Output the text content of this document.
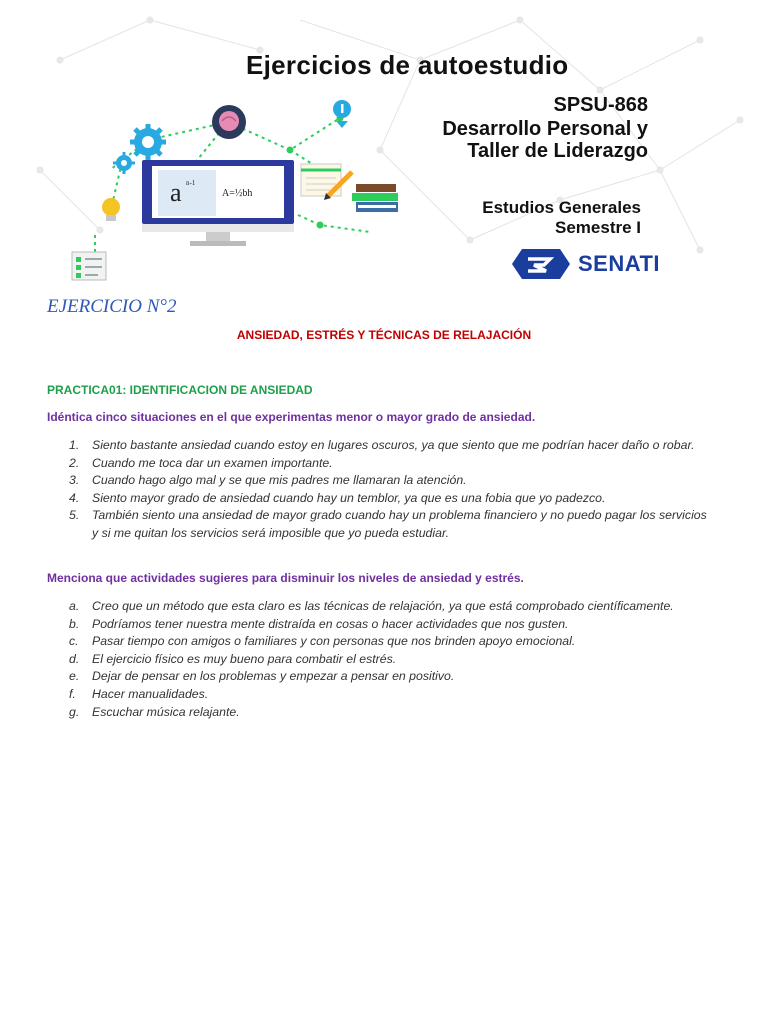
a n-1
A=½bh
Ejercicios de autoestudio
SPSU-868
Desarrollo Personal y
Taller de Liderazgo
Estudios Generales
Semestre I
SENATI
EJERCICIO N°2
ANSIEDAD, ESTRÉS Y TÉCNICAS DE RELAJACIÓN
PRACTICA01: IDENTIFICACION DE ANSIEDAD
Idéntica cinco situaciones en el que experimentas menor o mayor grado de ansiedad.
1. Siento bastante ansiedad cuando estoy en lugares oscuros, ya que siento que me podrían hacer daño o robar.
2. Cuando me toca dar un examen importante.
3. Cuando hago algo mal y se que mis padres me llamaran la atención.
4. Siento mayor grado de ansiedad cuando hay un temblor, ya que es una fobia que yo padezco.
5. También siento una ansiedad de mayor grado cuando hay un problema financiero y no puedo pagar los servicios y si me quitan los servicios será imposible que yo pueda estudiar.
Menciona que actividades sugieres para disminuir los niveles de ansiedad y estrés.
a. Creo que un método que esta claro es las técnicas de relajación, ya que está comprobado científicamente.
b. Podríamos tener nuestra mente distraída en cosas o hacer actividades que nos gusten.
c. Pasar tiempo con amigos o familiares y con personas que nos brinden apoyo emocional.
d. El ejercicio físico es muy bueno para combatir el estrés.
e. Dejar de pensar en los problemas y empezar a pensar en positivo.
f. Hacer manualidades.
g. Escuchar música relajante.
